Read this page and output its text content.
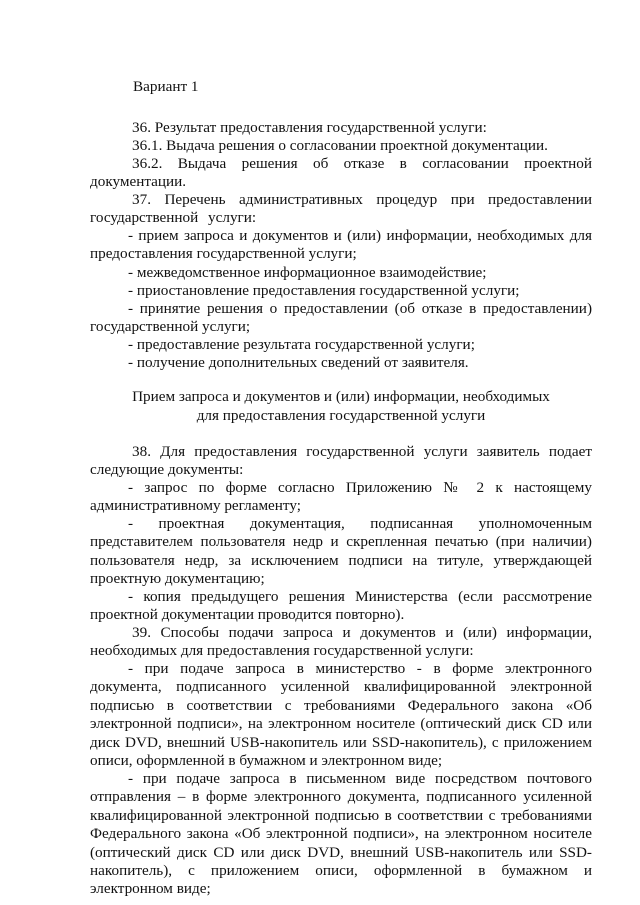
Вариант 1
36. Результат предоставления государственной услуги:
36.1. Выдача решения о согласовании проектной документации.
36.2. Выдача решения об отказе в согласовании проектной документации.
37. Перечень административных процедур при предоставлении государственной услуги:
- прием запроса и документов и (или) информации, необходимых для предоставления государственной услуги;
- межведомственное информационное взаимодействие;
- приостановление предоставления государственной услуги;
- принятие решения о предоставлении (об отказе в предоставлении) государственной услуги;
- предоставление результата государственной услуги;
- получение дополнительных сведений от заявителя.
Прием запроса и документов и (или) информации, необходимых
для предоставления государственной услуги
38. Для предоставления государственной услуги заявитель подает следующие документы:
- запрос по форме согласно Приложению № 2 к настоящему административному регламенту;
- проектная документация, подписанная уполномоченным представителем пользователя недр и скрепленная печатью (при наличии) пользователя недр, за исключением подписи на титуле, утверждающей проектную документацию;
- копия предыдущего решения Министерства (если рассмотрение проектной документации проводится повторно).
39. Способы подачи запроса и документов и (или) информации, необходимых для предоставления государственной услуги:
- при подаче запроса в министерство - в форме электронного документа, подписанного усиленной квалифицированной электронной подписью в соответствии с требованиями Федерального закона «Об электронной подписи», на электронном носителе (оптический диск CD или диск DVD, внешний USB-накопитель или SSD-накопитель), с приложением описи, оформленной в бумажном и электронном виде;
- при подаче запроса в письменном виде посредством почтового отправления – в форме электронного документа, подписанного усиленной квалифицированной электронной подписью в соответствии с требованиями Федерального закона «Об электронной подписи», на электронном носителе (оптический диск CD или диск DVD, внешний USB-накопитель или SSD-накопитель), с приложением описи, оформленной в бумажном и электронном виде;
